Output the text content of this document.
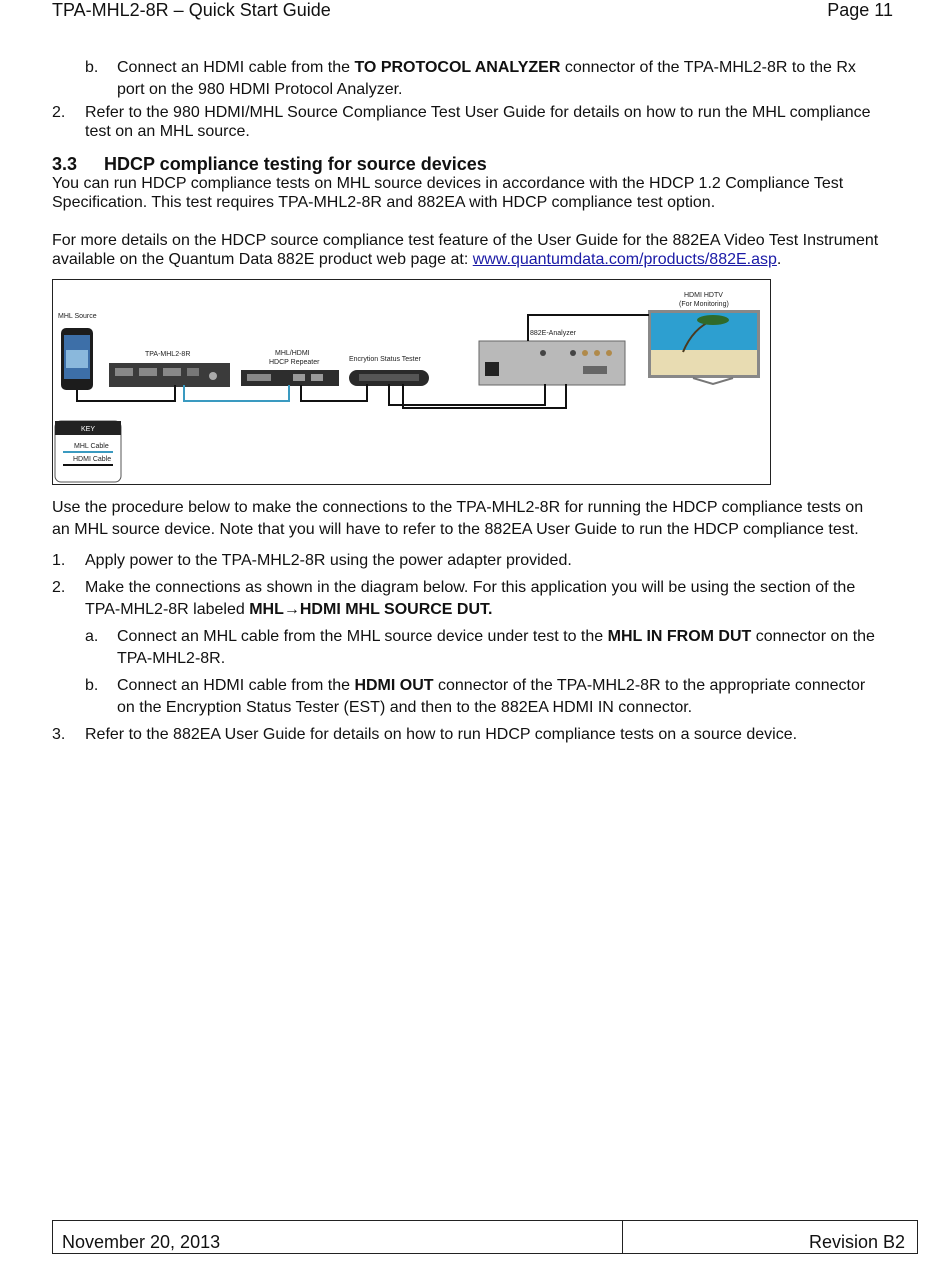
TPA-MHL2-8R – Quick Start Guide	Page 11
b. Connect an HDMI cable from the TO PROTOCOL ANALYZER connector of the TPA-MHL2-8R to the Rx
port on the 980 HDMI Protocol Analyzer.
2. Refer to the 980 HDMI/MHL Source Compliance Test User Guide for details on how to run the MHL compliance
test on an MHL source.
3.3 HDCP compliance testing for source devices
You can run HDCP compliance tests on MHL source devices in accordance with the HDCP 1.2 Compliance Test
Specification. This test requires TPA-MHL2-8R and 882EA with HDCP compliance test option.
For more details on the HDCP source compliance test feature of the User Guide for the 882EA Video Test Instrument
available on the Quantum Data 882E product web page at: www.quantumdata.com/products/882E.asp.
MHL Source
TPA-MHL2-8R	MHL/HDMI
HDCP Repeater	Encrytion Status Tester
882E-Analyzer
HDMI HDTV
(For Monitoring)
KEY
MHL Cable
HDMI Cable
Use the procedure below to make the connections to the TPA-MHL2-8R for running the HDCP compliance tests on
an MHL source device. Note that you will have to refer to the 882EA User Guide to run the HDCP compliance test.
1. Apply power to the TPA-MHL2-8R using the power adapter provided.
2. Make the connections as shown in the diagram below. For this application you will be using the section of the
TPA-MHL2-8R labeled MHL→HDMI MHL SOURCE DUT.
a. Connect an MHL cable from the MHL source device under test to the MHL IN FROM DUT connector on the
TPA-MHL2-8R.
b. Connect an HDMI cable from the HDMI OUT connector of the TPA-MHL2-8R to the appropriate connector
on the Encryption Status Tester (EST) and then to the 882EA HDMI IN connector.
3. Refer to the 882EA User Guide for details on how to run HDCP compliance tests on a source device.
November 20, 2013	Revision B2
